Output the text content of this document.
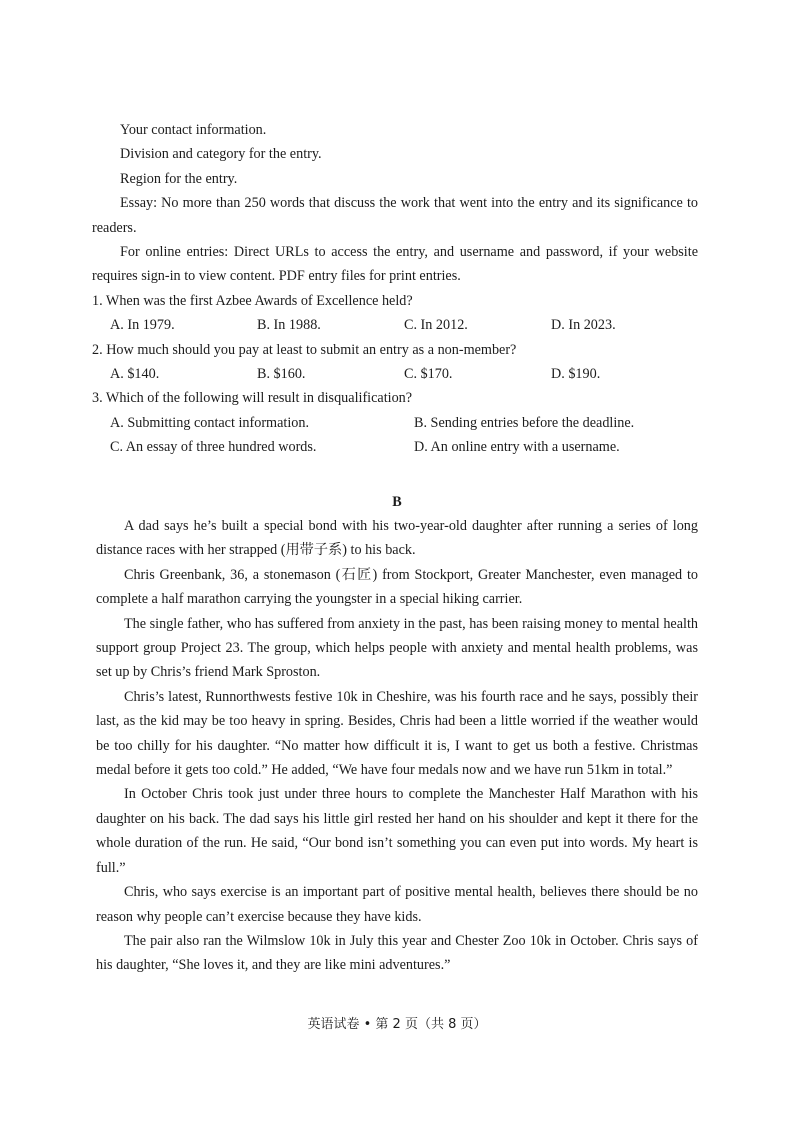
Your contact information.

Division and category for the entry.

Region for the entry.

Essay: No more than 250 words that discuss the work that went into the entry and its significance to readers.

For online entries: Direct URLs to access the entry, and username and password, if your website requires sign-in to view content. PDF entry files for print entries.

1. When was the first Azbee Awards of Excellence held?

A. In 1979.	B. In 1988.	C. In 2012.	D. In 2023.

2. How much should you pay at least to submit an entry as a non-member?

A. $140.	B. $160.	C. $170.	D. $190.

3. Which of the following will result in disqualification?

A. Submitting contact information.	B. Sending entries before the deadline.
C. An essay of three hundred words.	D. An online entry with a username.
B

A dad says he’s built a special bond with his two-year-old daughter after running a series of long distance races with her strapped (用带子系) to his back.

Chris Greenbank, 36, a stonemason (石匠) from Stockport, Greater Manchester, even managed to complete a half marathon carrying the youngster in a special hiking carrier.

The single father, who has suffered from anxiety in the past, has been raising money to mental health support group Project 23. The group, which helps people with anxiety and mental health problems, was set up by Chris’s friend Mark Sproston.

Chris’s latest, Runnorthwests festive 10k in Cheshire, was his fourth race and he says, possibly their last, as the kid may be too heavy in spring. Besides, Chris had been a little worried if the weather would be too chilly for his daughter. “No matter how difficult it is, I want to get us both a festive. Christmas medal before it gets too cold.” He added, “We have four medals now and we have run 51km in total.”

In October Chris took just under three hours to complete the Manchester Half Marathon with his daughter on his back. The dad says his little girl rested her hand on his shoulder and kept it there for the whole duration of the run. He said, “Our bond isn’t something you can even put into words. My heart is full.”

Chris, who says exercise is an important part of positive mental health, believes there should be no reason why people can’t exercise because they have kids.

The pair also ran the Wilmslow 10k in July this year and Chester Zoo 10k in October. Chris says of his daughter, “She loves it, and they are like mini adventures.”

英语试卷 • 第 2 页（共 8 页）
